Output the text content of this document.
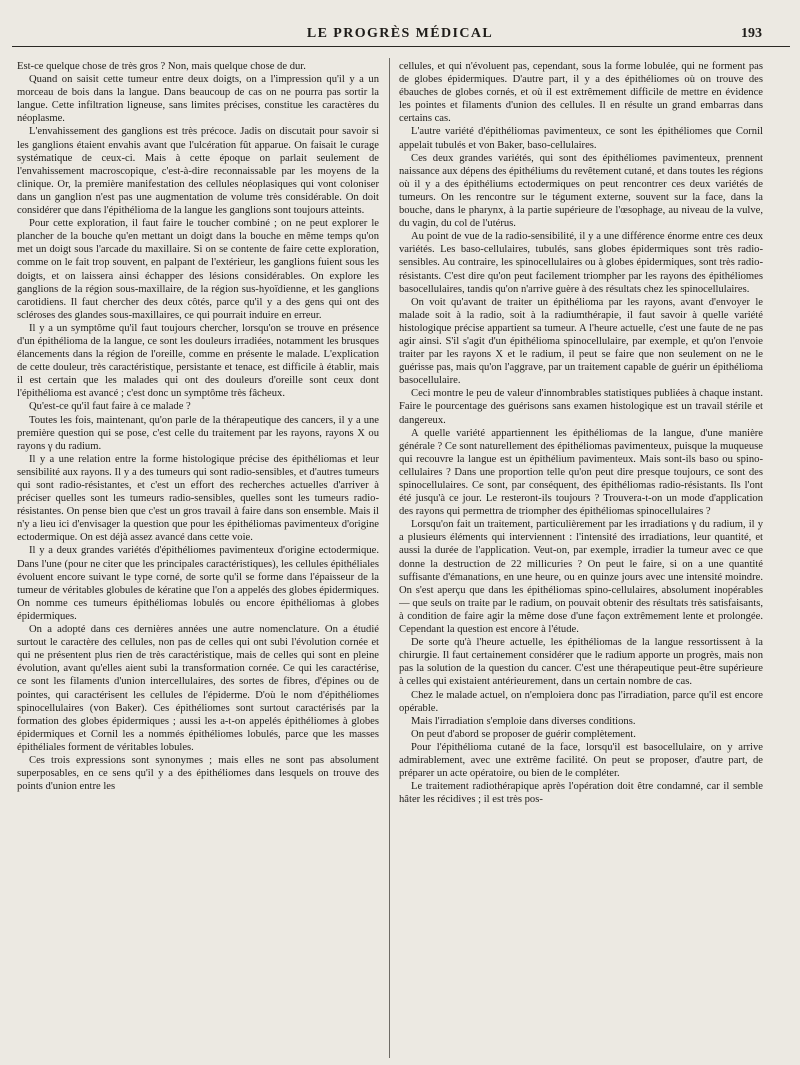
LE PROGRÈS MÉDICAL	193

Est-ce quelque chose de très gros ? Non, mais quelque chose de dur.

Quand on saisit cette tumeur entre deux doigts, on a l'impression qu'il y a un morceau de bois dans la langue. Dans beaucoup de cas on ne pourra pas sortir la langue. Cette infiltration ligneuse, sans limites précises, constitue les caractères du néoplasme.

L'envahissement des ganglions est très précoce. Jadis on discutait pour savoir si les ganglions étaient envahis avant que l'ulcération fût apparue. On faisait le curage systématique de ceux-ci. Mais à cette époque on parlait seulement de l'envahissement macroscopique, c'est-à-dire reconnaissable par les moyens de la clinique. Or, la première manifestation des cellules néoplasiques qui vont coloniser dans un ganglion n'est pas une augmentation de volume très considérable. On doit considérer que dans l'épithélioma de la langue les ganglions sont toujours atteints.

Pour cette exploration, il faut faire le toucher combiné ; on ne peut explorer le plancher de la bouche qu'en mettant un doigt dans la bouche en même temps qu'on met un doigt sous l'arcade du maxillaire. Si on se contente de faire cette exploration, comme on le fait trop souvent, en palpant de l'extérieur, les ganglions fuient sous les doigts, et on laissera ainsi échapper des lésions considérables. On explore les ganglions de la région sous-maxillaire, de la région sus-hyoïdienne, et les ganglions carotidiens. Il faut chercher des deux côtés, parce qu'il y a des gens qui ont des scléroses des glandes sous-maxillaires, ce qui pourrait induire en erreur.

Il y a un symptôme qu'il faut toujours chercher, lorsqu'on se trouve en présence d'un épithélioma de la langue, ce sont les douleurs irradiées, notamment les brusques élancements dans la région de l'oreille, comme en présente le malade. L'explication de cette douleur, très caractéristique, persistante et tenace, est difficile à établir, mais il est certain que les malades qui ont des douleurs d'oreille sont ceux dont l'épithélioma est avancé ; c'est donc un symptôme très fâcheux.

Qu'est-ce qu'il faut faire à ce malade ?

Toutes les fois, maintenant, qu'on parle de la thérapeutique des cancers, il y a une première question qui se pose, c'est celle du traitement par les rayons, rayons X ou rayons γ du radium.

Il y a une relation entre la forme histologique précise des épithéliomas et leur sensibilité aux rayons. Il y a des tumeurs qui sont radio-sensibles, et d'autres tumeurs qui sont radio-résistantes, et c'est un effort des recherches actuelles d'arriver à préciser quelles sont les tumeurs radio-sensibles, quelles sont les tumeurs radio-résistantes. On pense bien que c'est un gros travail à faire dans son ensemble. Mais il n'y a lieu ici d'envisager la question que pour les épithéliomas pavimenteux d'origine ectodermique. On est déjà assez avancé dans cette voie.

Il y a deux grandes variétés d'épithéliomes pavimenteux d'origine ectodermique. Dans l'une (pour ne citer que les principales caractéristiques), les cellules épithéliales évoluent encore suivant le type corné, de sorte qu'il se forme dans l'épaisseur de la tumeur de véritables globules de kératine que l'on a appelés des globes épidermiques. On nomme ces tumeurs épithéliomas lobulés ou encore épithéliomas à globes épidermiques.

On a adopté dans ces dernières années une autre nomenclature. On a étudié surtout le caractère des cellules, non pas de celles qui ont subi l'évolution cornée et qui ne présentent plus rien de très caractéristique, mais de celles qui sont en pleine évolution, avant qu'elles aient subi la transformation cornée. Ce qui les caractérise, ce sont les filaments d'union intercellulaires, des sortes de fibres, d'épines ou de pointes, qui caractérisent les cellules de l'épiderme. D'où le nom d'épithéliomes spinocellulaires (von Baker). Ces épithéliomes sont surtout caractérisés par la formation des globes épidermiques ; aussi les a-t-on appelés épithéliomes à globes épidermiques et Cornil les a nommés épithéliomes lobulés, parce que les masses épithéliales forment de véritables lobules.

Ces trois expressions sont synonymes ; mais elles ne sont pas absolument superposables, en ce sens qu'il y a des épithéliomes dans lesquels on trouve des points d'union entre les

cellules, et qui n'évoluent pas, cependant, sous la forme lobulée, qui ne forment pas de globes épidermiques. D'autre part, il y a des épithéliomes où on trouve des ébauches de globes cornés, et où il est extrêmement difficile de mettre en évidence les pointes et filaments d'union des cellules. Il en résulte un grand embarras dans certains cas.

L'autre variété d'épithéliomas pavimenteux, ce sont les épithéliomes que Cornil appelait tubulés et von Baker, baso-cellulaires.

Ces deux grandes variétés, qui sont des épithéliomes pavimenteux, prennent naissance aux dépens des épithéliums du revêtement cutané, et dans toutes les régions où il y a des épithéliums ectodermiques on peut rencontrer ces deux variétés de tumeurs. On les rencontre sur le tégument externe, souvent sur la face, dans la bouche, dans le pharynx, à la partie supérieure de l'œsophage, au niveau de la vulve, du vagin, du col de l'utérus.

Au point de vue de la radio-sensibilité, il y a une différence énorme entre ces deux variétés. Les baso-cellulaires, tubulés, sans globes épidermiques sont très radio-sensibles. Au contraire, les spinocellulaires ou à globes épidermiques, sont très radio-résistants. C'est dire qu'on peut facilement triompher par les rayons des épithéliomes basocellulaires, tandis qu'on n'arrive guère à des résultats chez les spinocellulaires.

On voit qu'avant de traiter un épithélioma par les rayons, avant d'envoyer le malade soit à la radio, soit à la radiumthérapie, il faut savoir à quelle variété histologique précise appartient sa tumeur. A l'heure actuelle, c'est une faute de ne pas agir ainsi. S'il s'agit d'un épithélioma spinocellulaire, par exemple, et qu'on l'envoie traiter par les rayons X et le radium, il peut se faire que non seulement on ne le guérisse pas, mais qu'on l'aggrave, par un traitement capable de guérir un épithélioma basocellulaire.

Ceci montre le peu de valeur d'innombrables statistiques publiées à chaque instant. Faire le pourcentage des guérisons sans examen histologique est un travail stérile et dangereux.

A quelle variété appartiennent les épithéliomas de la langue, d'une manière générale ? Ce sont naturellement des épithéliomas pavimenteux, puisque la muqueuse qui recouvre la langue est un épithélium pavimenteux. Mais sont-ils baso ou spino-cellulaires ? Dans une proportion telle qu'on peut dire presque toujours, ce sont des spinocellulaires. Ce sont, par conséquent, des épithéliomas radio-résistants. Ils l'ont été jusqu'à ce jour. Le resteront-ils toujours ? Trouvera-t-on un mode d'application des rayons qui permettra de triompher des épithéliomas spinocellulaires ?

Lorsqu'on fait un traitement, particulièrement par les irradiations γ du radium, il y a plusieurs éléments qui interviennent : l'intensité des irradiations, leur quantité, et aussi la durée de l'application. Veut-on, par exemple, irradier la tumeur avec ce que donne la destruction de 22 millicuries ? On peut le faire, si on a une quantité suffisante d'émanations, en une heure, ou en quinze jours avec une intensité moindre. On s'est aperçu que dans les épithéliomas spino-cellulaires, absolument inopérables — que seuls on traite par le radium, on pouvait obtenir des résultats très satisfaisants, à condition de faire agir la même dose d'une façon extrêmement lente et prolongée. Cependant la question est encore à l'étude.

De sorte qu'à l'heure actuelle, les épithéliomas de la langue ressortissent à la chirurgie. Il faut certainement considérer que le radium apporte un progrès, mais non pas la solution de la question du cancer. C'est une thérapeutique peut-être supérieure à celles qui existaient antérieurement, dans un certain nombre de cas.

Chez le malade actuel, on n'emploiera donc pas l'irradiation, parce qu'il est encore opérable.

Mais l'irradiation s'emploie dans diverses conditions.

On peut d'abord se proposer de guérir complètement.

Pour l'épithélioma cutané de la face, lorsqu'il est basocellulaire, on y arrive admirablement, avec une extrême facilité. On peut se proposer, d'autre part, de préparer un acte opératoire, ou bien de le compléter.

Le traitement radiothérapique après l'opération doit être condamné, car il semble hâter les récidives ; il est très pos-
